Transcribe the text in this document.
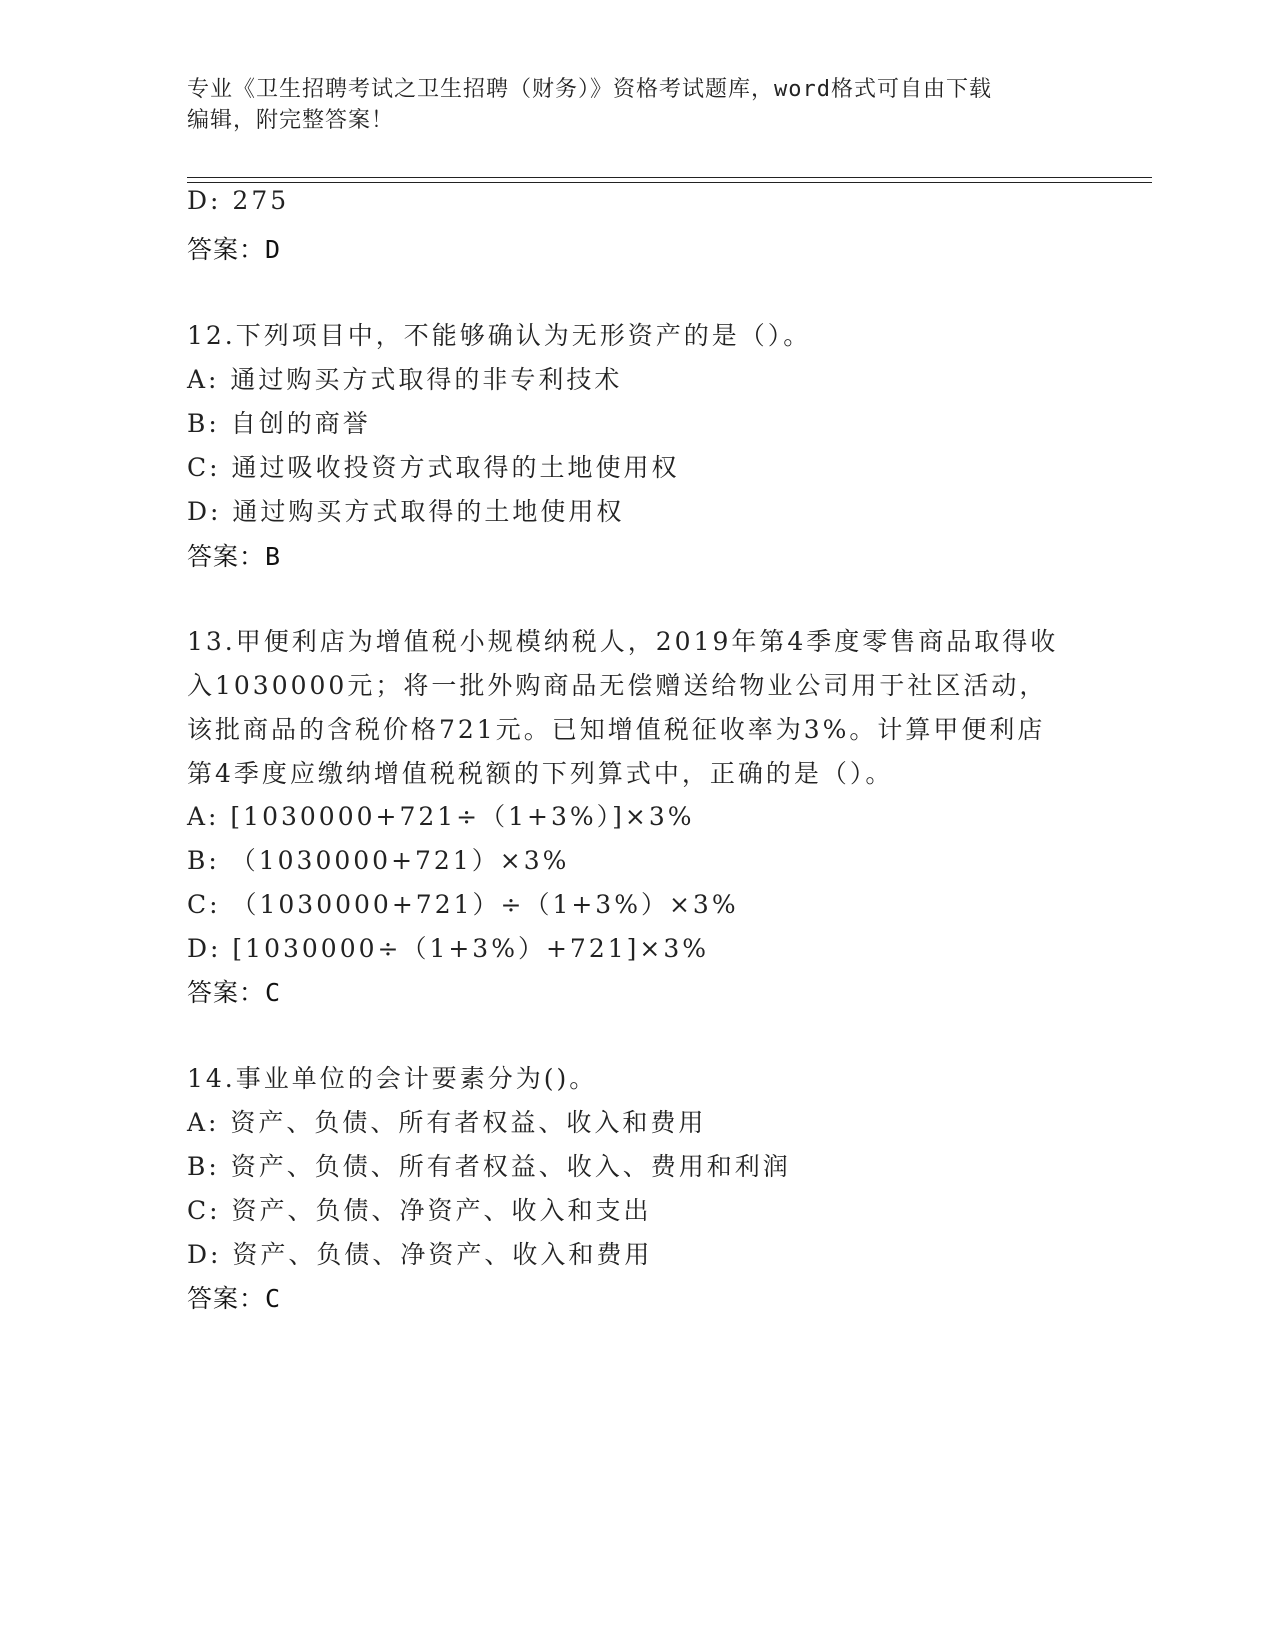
专业《卫生招聘考试之卫生招聘（财务）》资格考试题库，word格式可自由下载
编辑，附完整答案！
D: 275
答案：D
12.下列项目中，不能够确认为无形资产的是（）。
A: 通过购买方式取得的非专利技术
B: 自创的商誉
C: 通过吸收投资方式取得的土地使用权
D: 通过购买方式取得的土地使用权
答案：B
13.甲便利店为增值税小规模纳税人，2019年第4季度零售商品取得收
入1030000元；将一批外购商品无偿赠送给物业公司用于社区活动，
该批商品的含税价格721元。已知增值税征收率为3%。计算甲便利店
第4季度应缴纳增值税税额的下列算式中，正确的是（）。
A: [1030000+721÷（1+3%）]×3%
B: （1030000+721）×3%
C: （1030000+721）÷（1+3%）×3%
D: [1030000÷（1+3%）+721]×3%
答案：C
14.事业单位的会计要素分为()。
A: 资产、负债、所有者权益、收入和费用
B: 资产、负债、所有者权益、收入、费用和利润
C: 资产、负债、净资产、收入和支出
D: 资产、负债、净资产、收入和费用
答案：C
